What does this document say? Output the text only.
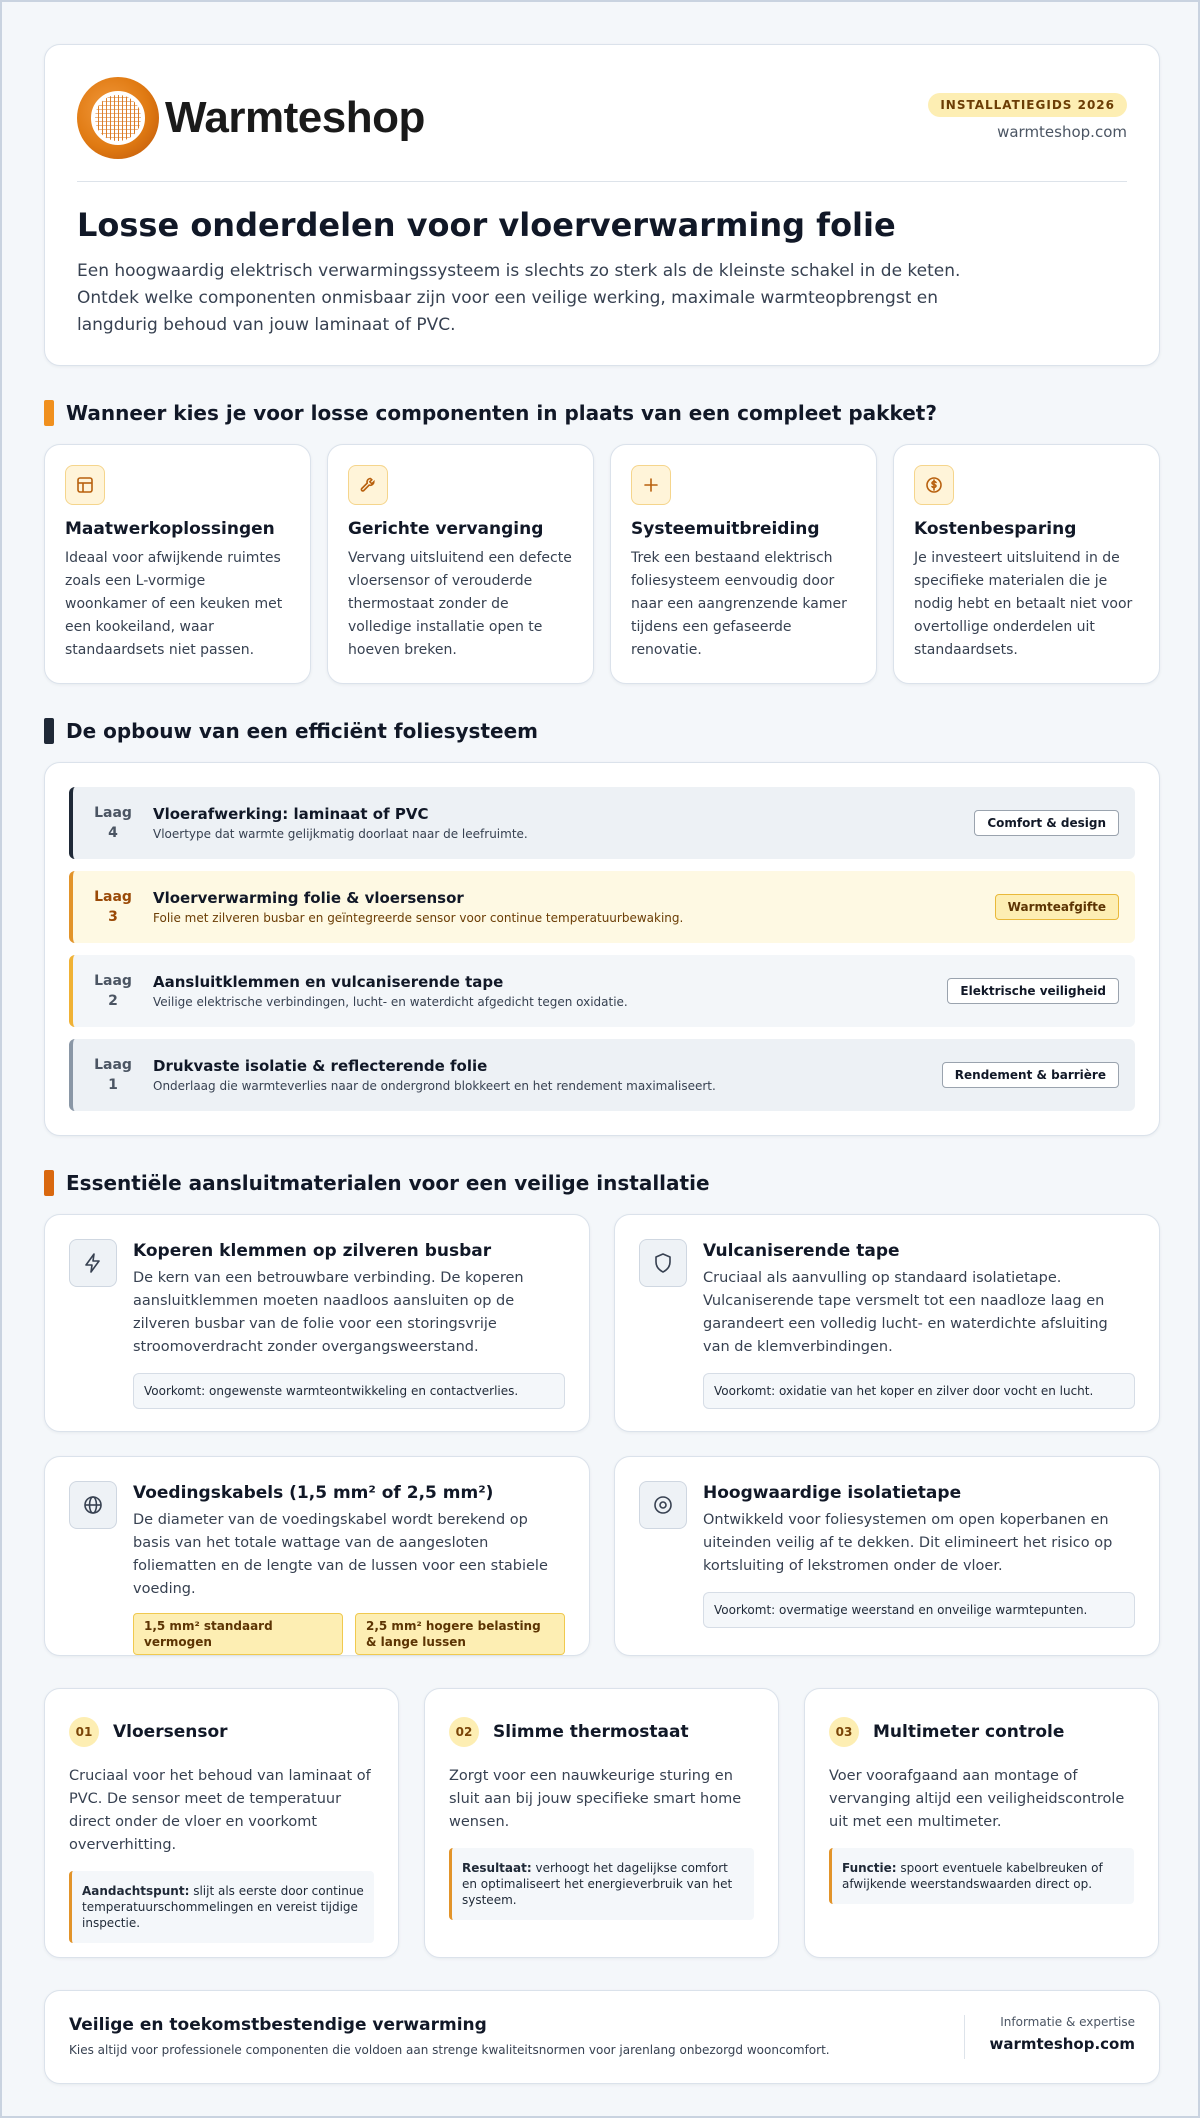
Warmteshop	INSTALLATIEGIDS 2026
warmteshop.com
Losse onderdelen voor vloerverwarming folie

Een hoogwaardig elektrisch verwarmingssysteem is slechts zo sterk als de kleinste schakel in de keten. Ontdek welke componenten onmisbaar zijn voor een veilige werking, maximale warmteopbrengst en langdurig behoud van jouw laminaat of PVC.

Wanneer kies je voor losse componenten in plaats van een compleet pakket?
Maatwerkoplossingen
Ideaal voor afwijkende ruimtes zoals een L-vormige woonkamer of een keuken met een kookeiland, waar standaardsets niet passen.
Gerichte vervanging
Vervang uitsluitend een defecte vloersensor of verouderde thermostaat zonder de volledige installatie open te hoeven breken.
Systeemuitbreiding
Trek een bestaand elektrisch foliesysteem eenvoudig door naar een aangrenzende kamer tijdens een gefaseerde renovatie.
Kostenbesparing
Je investeert uitsluitend in de specifieke materialen die je nodig hebt en betaalt niet voor overtollige onderdelen uit standaardsets.
De opbouw van een efficiënt foliesysteem
Laag
4
Vloerafwerking: laminaat of PVC
Vloertype dat warmte gelijkmatig doorlaat naar de leefruimte.
Comfort & design
Laag
3
Vloerverwarming folie & vloersensor
Folie met zilveren busbar en geïntegreerde sensor voor continue temperatuurbewaking.
Warmteafgifte
Laag
2
Aansluitklemmen en vulcaniserende tape
Veilige elektrische verbindingen, lucht- en waterdicht afgedicht tegen oxidatie.
Elektrische veiligheid
Laag
1
Drukvaste isolatie & reflecterende folie
Onderlaag die warmteverlies naar de ondergrond blokkeert en het rendement maximaliseert.
Rendement & barrière
Essentiële aansluitmaterialen voor een veilige installatie
Koperen klemmen op zilveren busbar
De kern van een betrouwbare verbinding. De koperen aansluitklemmen moeten naadloos aansluiten op de zilveren busbar van de folie voor een storingsvrije stroomoverdracht zonder overgangsweerstand.
Voorkomt: ongewenste warmteontwikkeling en contactverlies.
Vulcaniserende tape
Cruciaal als aanvulling op standaard isolatietape. Vulcaniserende tape versmelt tot een naadloze laag en garandeert een volledig lucht- en waterdichte afsluiting van de klemverbindingen.
Voorkomt: oxidatie van het koper en zilver door vocht en lucht.
Voedingskabels (1,5 mm² of 2,5 mm²)
De diameter van de voedingskabel wordt berekend op basis van het totale wattage van de aangesloten foliematten en de lengte van de lussen voor een stabiele voeding.
1,5 mm² standaard vermogen
2,5 mm² hogere belasting & lange lussen
Hoogwaardige isolatietape
Ontwikkeld voor foliesystemen om open koperbanen en uiteinden veilig af te dekken. Dit elimineert het risico op kortsluiting of lekstromen onder de vloer.
Voorkomt: overmatige weerstand en onveilige warmtepunten.
01	Vloersensor
Cruciaal voor het behoud van laminaat of PVC. De sensor meet de temperatuur direct onder de vloer en voorkomt oververhitting.
Aandachtspunt: slijt als eerste door continue temperatuurschommelingen en vereist tijdige inspectie.
02	Slimme thermostaat
Zorgt voor een nauwkeurige sturing en sluit aan bij jouw specifieke smart home wensen.
Resultaat: verhoogt het dagelijkse comfort en optimaliseert het energieverbruik van het systeem.
03	Multimeter controle
Voer voorafgaand aan montage of vervanging altijd een veiligheidscontrole uit met een multimeter.
Functie: spoort eventuele kabelbreuken of afwijkende weerstandswaarden direct op.
Veilige en toekomstbestendige verwarming
Kies altijd voor professionele componenten die voldoen aan strenge kwaliteitsnormen voor jarenlang onbezorgd wooncomfort.
Informatie & expertise
warmteshop.com
